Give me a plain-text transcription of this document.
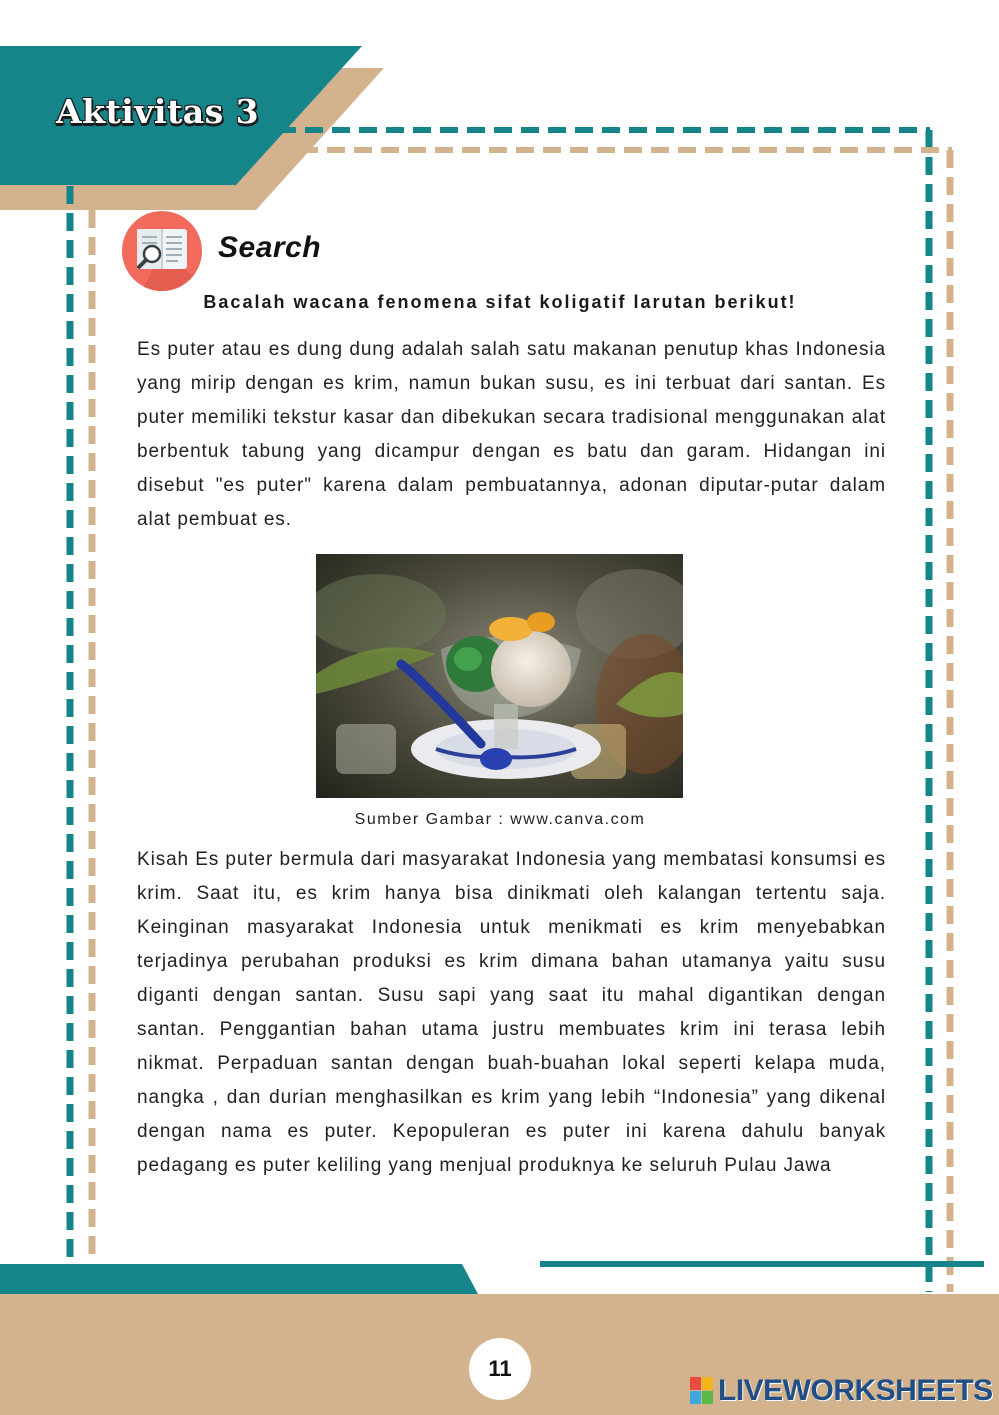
Aktivitas 3
Search
Bacalah wacana fenomena sifat koligatif larutan berikut!
Es puter atau es dung dung adalah salah satu makanan penutup khas Indonesia yang mirip dengan es krim, namun bukan susu, es ini terbuat dari santan. Es puter memiliki tekstur kasar dan dibekukan secara tradisional menggunakan alat berbentuk tabung yang dicampur dengan es batu dan garam. Hidangan ini disebut "es puter" karena dalam pembuatannya, adonan diputar-putar dalam alat pembuat es.
Sumber Gambar : www.canva.com
Kisah Es puter bermula dari masyarakat Indonesia yang membatasi konsumsi es krim. Saat itu, es krim hanya bisa dinikmati oleh kalangan tertentu saja. Keinginan masyarakat Indonesia untuk menikmati es krim menyebabkan terjadinya perubahan produksi es krim dimana bahan utamanya yaitu susu diganti dengan santan. Susu sapi yang saat itu mahal digantikan dengan santan. Penggantian bahan utama justru membuates krim ini terasa lebih nikmat. Perpaduan santan dengan buah-buahan lokal seperti kelapa muda, nangka , dan durian menghasilkan es krim yang lebih “Indonesia” yang dikenal dengan nama es puter. Kepopuleran es puter ini karena dahulu banyak pedagang es puter keliling yang menjual produknya ke seluruh Pulau Jawa
11
LIVEWORKSHEETS
